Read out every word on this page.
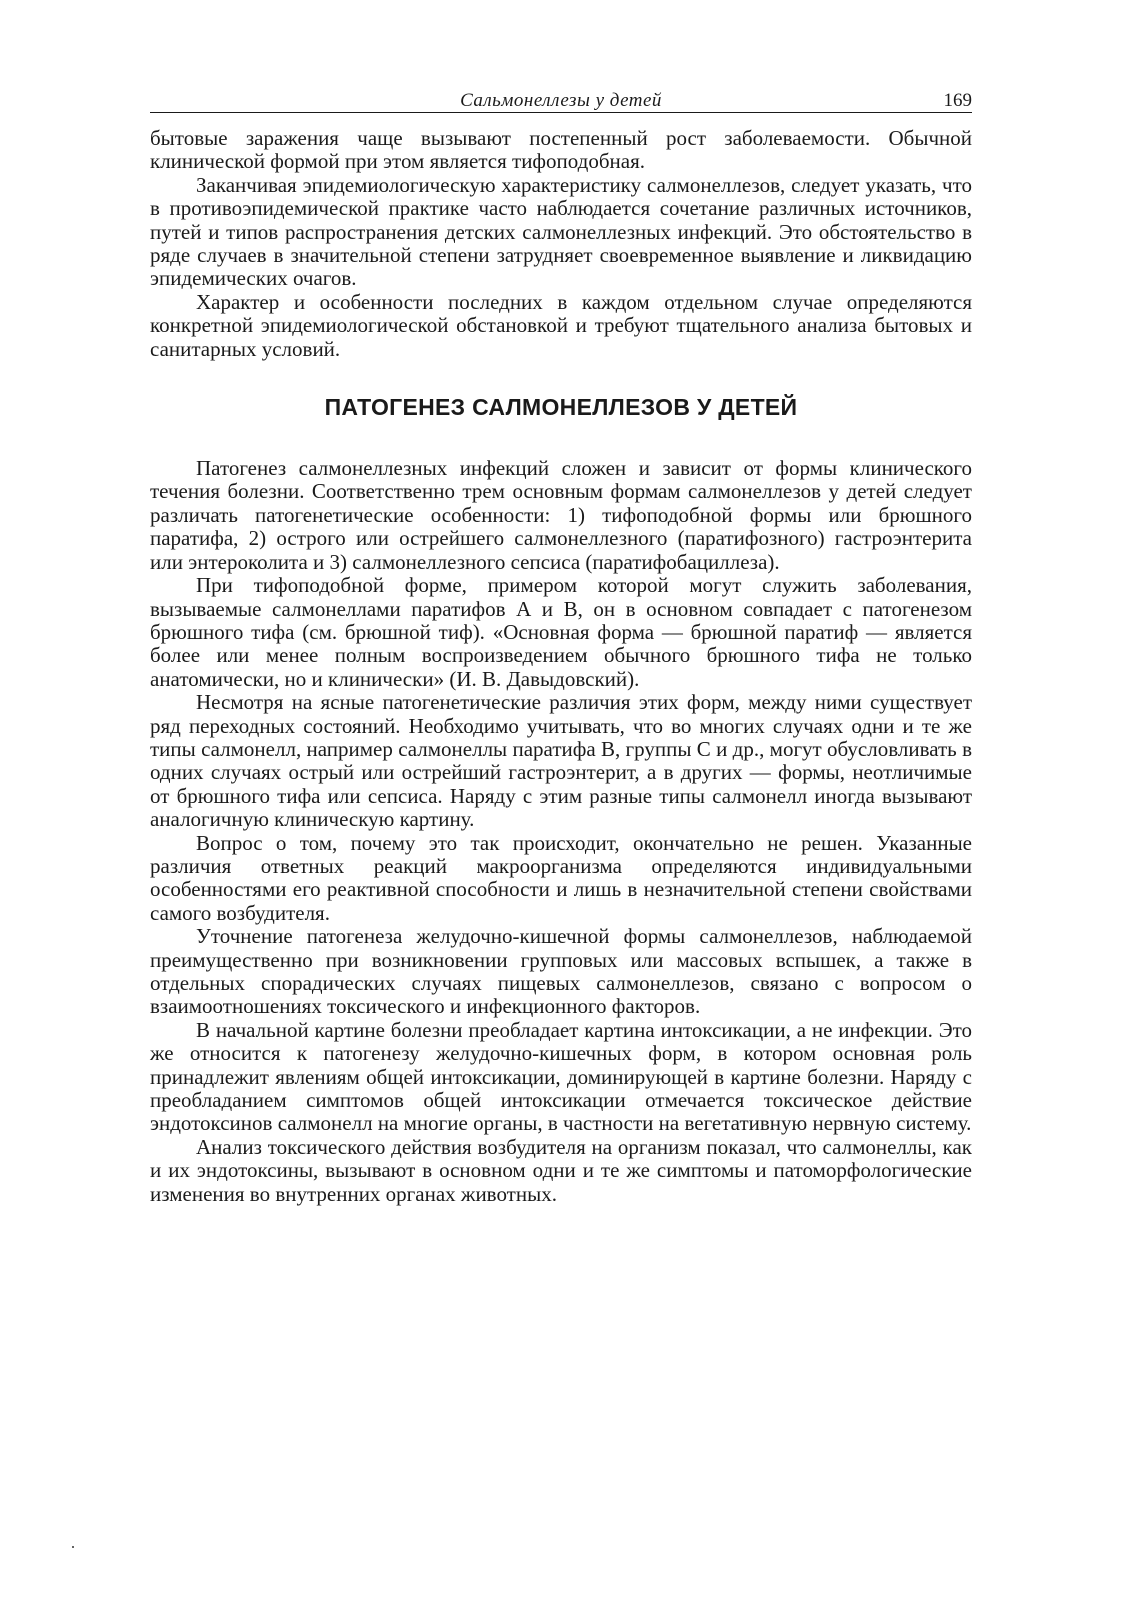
Сальмонеллезы у детей	169

бытовые заражения чаще вызывают постепенный рост заболеваемости. Обычной клинической формой при этом является тифоподобная.

Заканчивая эпидемиологическую характеристику салмонеллезов, следует указать, что в противоэпидемической практике часто наблюдается сочетание различных источников, путей и типов распространения детских салмонеллезных инфекций. Это обстоятельство в ряде случаев в значительной степени затрудняет своевременное выявление и ликвидацию эпидемических очагов.

Характер и особенности последних в каждом отдельном случае определяются конкретной эпидемиологической обстановкой и требуют тщательного анализа бытовых и санитарных условий.

ПАТОГЕНЕЗ САЛМОНЕЛЛЕЗОВ У ДЕТЕЙ

Патогенез салмонеллезных инфекций сложен и зависит от формы клинического течения болезни. Соответственно трем основным формам салмонеллезов у детей следует различать патогенетические особенности: 1) тифоподобной формы или брюшного паратифа, 2) острого или острейшего салмонеллезного (паратифозного) гастроэнтерита или энтероколита и 3) салмонеллезного сепсиса (паратифобациллеза).

При тифоподобной форме, примером которой могут служить заболевания, вызываемые салмонеллами паратифов А и В, он в основном совпадает с патогенезом брюшного тифа (см. брюшной тиф). «Основная форма — брюшной паратиф — является более или менее полным воспроизведением обычного брюшного тифа не только анатомически, но и клинически» (И. В. Давыдовский).

Несмотря на ясные патогенетические различия этих форм, между ними существует ряд переходных состояний. Необходимо учитывать, что во многих случаях одни и те же типы салмонелл, например салмонеллы паратифа В, группы С и др., могут обусловливать в одних случаях острый или острейший гастроэнтерит, а в других — формы, неотличимые от брюшного тифа или сепсиса. Наряду с этим разные типы салмонелл иногда вызывают аналогичную клиническую картину.

Вопрос о том, почему это так происходит, окончательно не решен. Указанные различия ответных реакций макроорганизма определяются индивидуальными особенностями его реактивной способности и лишь в незначительной степени свойствами самого возбудителя.

Уточнение патогенеза желудочно-кишечной формы салмонеллезов, наблюдаемой преимущественно при возникновении групповых или массовых вспышек, а также в отдельных спорадических случаях пищевых салмонеллезов, связано с вопросом о взаимоотношениях токсического и инфекционного факторов.

В начальной картине болезни преобладает картина интоксикации, а не инфекции. Это же относится к патогенезу желудочно-кишечных форм, в котором основная роль принадлежит явлениям общей интоксикации, доминирующей в картине болезни. Наряду с преобладанием симптомов общей интоксикации отмечается токсическое действие эндотоксинов салмонелл на многие органы, в частности на вегетативную нервную систему.

Анализ токсического действия возбудителя на организм показал, что салмонеллы, как и их эндотоксины, вызывают в основном одни и те же симптомы и патоморфологические изменения во внутренних органах животных.
